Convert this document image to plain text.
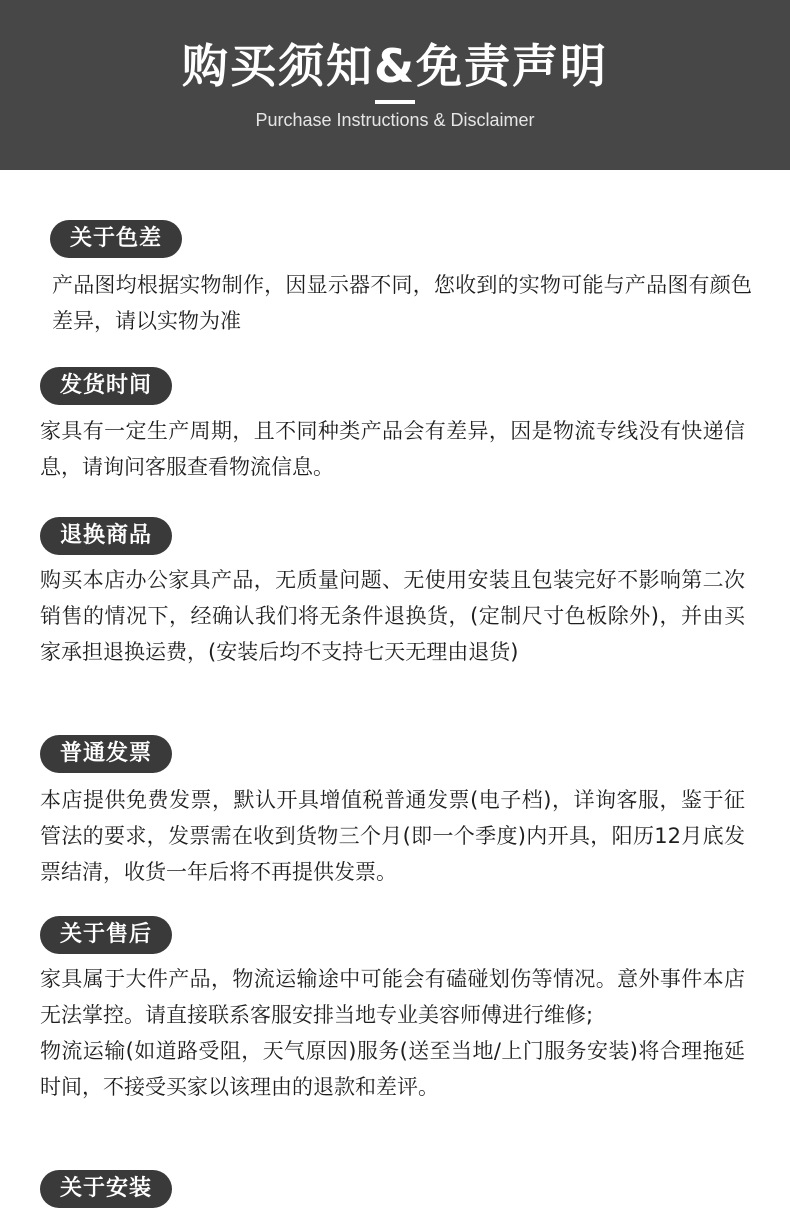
购买须知&免责声明
Purchase Instructions & Disclaimer
关于色差

产品图均根据实物制作，因显示器不同，您收到的实物可能与产品图有颜色差异，请以实物为准

发货时间

家具有一定生产周期，且不同种类产品会有差异，因是物流专线没有快递信息，请询问客服查看物流信息。

退换商品

购买本店办公家具产品，无质量问题、无使用安装且包装完好不影响第二次销售的情况下，经确认我们将无条件退换货，(定制尺寸色板除外)，并由买家承担退换运费，(安装后均不支持七天无理由退货)

普通发票

本店提供免费发票，默认开具增值税普通发票(电子档)，详询客服，鉴于征管法的要求，发票需在收到货物三个月(即一个季度)内开具，阳历12月底发票结清，收货一年后将不再提供发票。

关于售后

家具属于大件产品，物流运输途中可能会有磕碰划伤等情况。意外事件本店无法掌控。请直接联系客服安排当地专业美容师傅进行维修;

物流运输(如道路受阻，天气原因)服务(送至当地/上门服务安装)将合理拖延时间，不接受买家以该理由的退款和差评。

关于安装
